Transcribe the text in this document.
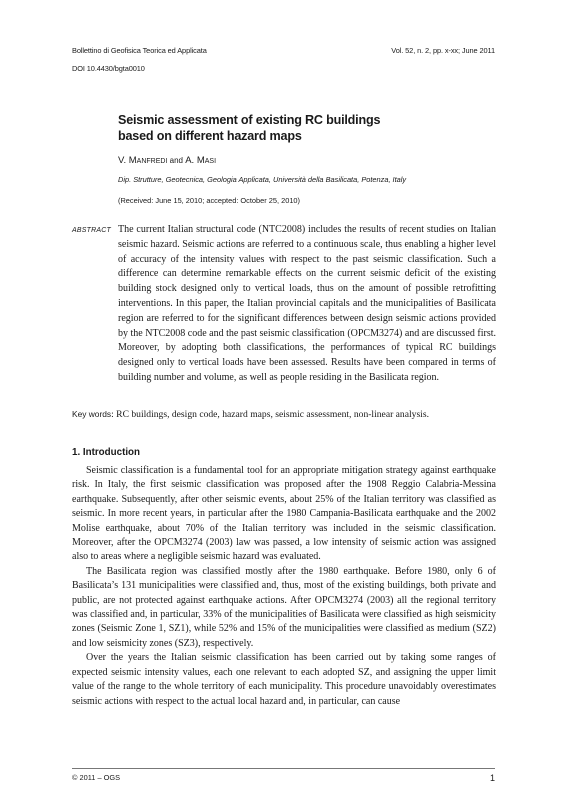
Bollettino di Geofisica Teorica ed Applicata	Vol. 52, n. 2, pp. x-xx; June 2011
DOI 10.4430/bgta0010
Seismic assessment of existing RC buildings
based on different hazard maps
V. Manfredi and A. Masi
Dip. Strutture, Geotecnica, Geologia Applicata, Università della Basilicata, Potenza, Italy
(Received: June 15, 2010; accepted: October 25, 2010)
ABSTRACT The current Italian structural code (NTC2008) includes the results of recent studies on Italian seismic hazard. Seismic actions are referred to a continuous scale, thus enabling a higher level of accuracy of the intensity values with respect to the past seismic classification. Such a difference can determine remarkable effects on the current seismic deficit of the existing building stock designed only to vertical loads, thus on the amount of possible retrofitting interventions. In this paper, the Italian provincial capitals and the municipalities of Basilicata region are referred to for the significant differences between design seismic actions provided by the NTC2008 code and the past seismic classification (OPCM3274) and are discussed first. Moreover, by adopting both classifications, the performances of typical RC buildings designed only to vertical loads have been assessed. Results have been compared in terms of building number and volume, as well as people residing in the Basilicata region.
Key words: RC buildings, design code, hazard maps, seismic assessment, non-linear analysis.
1. Introduction

Seismic classification is a fundamental tool for an appropriate mitigation strategy against earthquake risk. In Italy, the first seismic classification was proposed after the 1908 Reggio Calabria-Messina earthquake. Subsequently, after other seismic events, about 25% of the Italian territory was classified as seismic. In more recent years, in particular after the 1980 Campania-Basilicata earthquake and the 2002 Molise earthquake, about 70% of the Italian territory was included in the seismic classification. Moreover, after the OPCM3274 (2003) law was passed, a low intensity of seismic action was assigned also to areas where a negligible seismic hazard was evaluated.

The Basilicata region was classified mostly after the 1980 earthquake. Before 1980, only 6 of Basilicata’s 131 municipalities were classified and, thus, most of the existing buildings, both private and public, are not protected against earthquake actions. After OPCM3274 (2003) all the regional territory was classified and, in particular, 33% of the municipalities of Basilicata were classified as high seismicity zones (Seismic Zone 1, SZ1), while 52% and 15% of the municipalities were classified as medium (SZ2) and low seismicity zones (SZ3), respectively.

Over the years the Italian seismic classification has been carried out by taking some ranges of expected seismic intensity values, each one relevant to each adopted SZ, and assigning the upper limit value of the range to the whole territory of each municipality. This procedure unavoidably overestimates seismic actions with respect to the actual local hazard and, in particular, can cause

© 2011 – OGS	1
